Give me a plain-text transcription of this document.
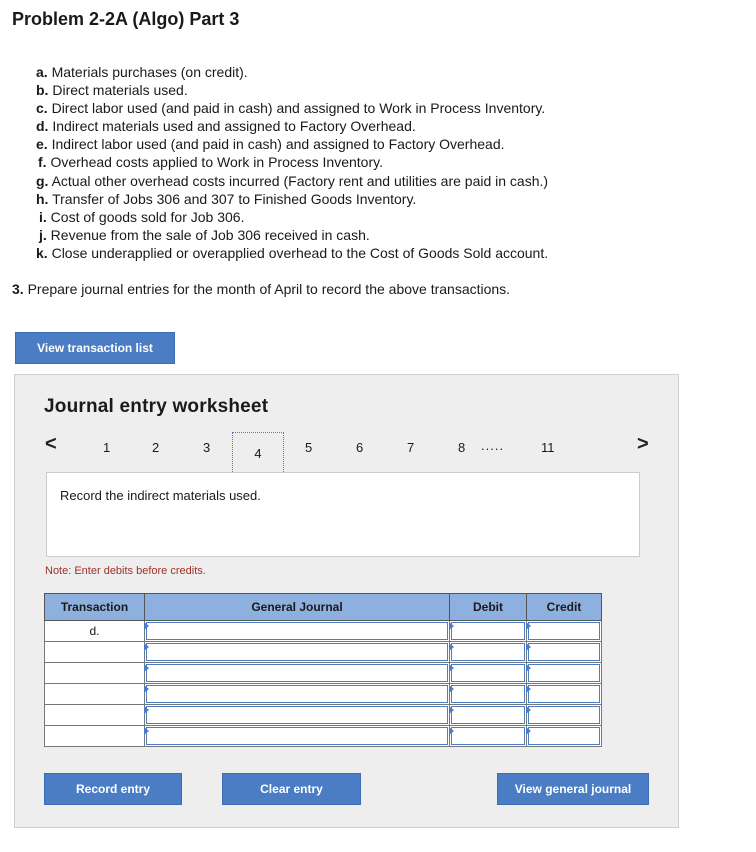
Problem 2-2A (Algo) Part 3
a. Materials purchases (on credit).
b. Direct materials used.
c. Direct labor used (and paid in cash) and assigned to Work in Process Inventory.
d. Indirect materials used and assigned to Factory Overhead.
e. Indirect labor used (and paid in cash) and assigned to Factory Overhead.
f. Overhead costs applied to Work in Process Inventory.
g. Actual other overhead costs incurred (Factory rent and utilities are paid in cash.)
h. Transfer of Jobs 306 and 307 to Finished Goods Inventory.
i. Cost of goods sold for Job 306.
j. Revenue from the sale of Job 306 received in cash.
k. Close underapplied or overapplied overhead to the Cost of Goods Sold account.
3. Prepare journal entries for the month of April to record the above transactions.
View transaction list
Journal entry worksheet
<	1	2	3	4	5	6	7	8 .....	11	>
Record the indirect materials used.
Note: Enter debits before credits.
Transaction	General Journal	Debit	Credit
d.	

Record entry	Clear entry	View general journal
